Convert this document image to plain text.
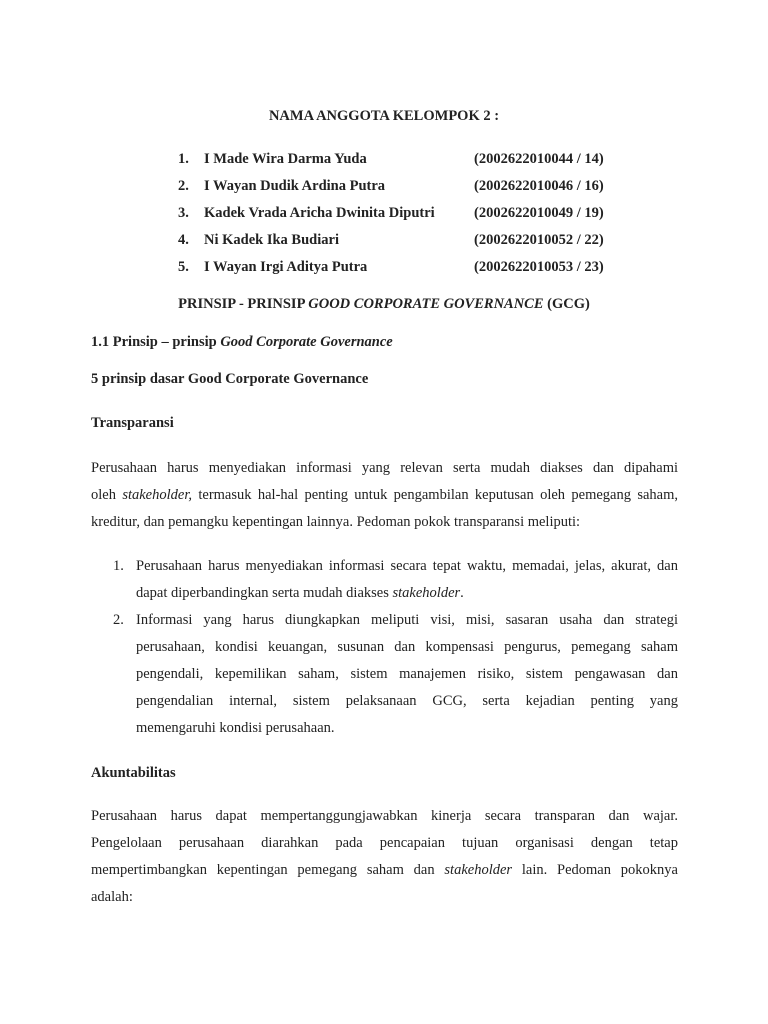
NAMA ANGGOTA KELOMPOK 2 :
1. I Made Wira Darma Yuda	(2002622010044 / 14)
2. I Wayan Dudik Ardina Putra	(2002622010046 / 16)
3. Kadek Vrada Aricha Dwinita Diputri	(2002622010049 / 19)
4. Ni Kadek Ika Budiari	(2002622010052 / 22)
5. I Wayan Irgi Aditya Putra	(2002622010053 / 23)
PRINSIP - PRINSIP GOOD CORPORATE GOVERNANCE (GCG)
1.1 Prinsip – prinsip Good Corporate Governance
5 prinsip dasar Good Corporate Governance
Transparansi
Perusahaan harus menyediakan informasi yang relevan serta mudah diakses dan dipahami
oleh stakeholder, termasuk hal-hal penting untuk pengambilan keputusan oleh pemegang saham,
kreditur, dan pemangku kepentingan lainnya. Pedoman pokok transparansi meliputi:
1. Perusahaan harus menyediakan informasi secara tepat waktu, memadai, jelas, akurat, dan
dapat diperbandingkan serta mudah diakses stakeholder.
2. Informasi yang harus diungkapkan meliputi visi, misi, sasaran usaha dan strategi
perusahaan, kondisi keuangan, susunan dan kompensasi pengurus, pemegang saham
pengendali, kepemilikan saham, sistem manajemen risiko, sistem pengawasan dan
pengendalian internal, sistem pelaksanaan GCG, serta kejadian penting yang
memengaruhi kondisi perusahaan.
Akuntabilitas
Perusahaan harus dapat mempertanggungjawabkan kinerja secara transparan dan wajar.
Pengelolaan perusahaan diarahkan pada pencapaian tujuan organisasi dengan tetap
mempertimbangkan kepentingan pemegang saham dan stakeholder lain. Pedoman pokoknya
adalah:
